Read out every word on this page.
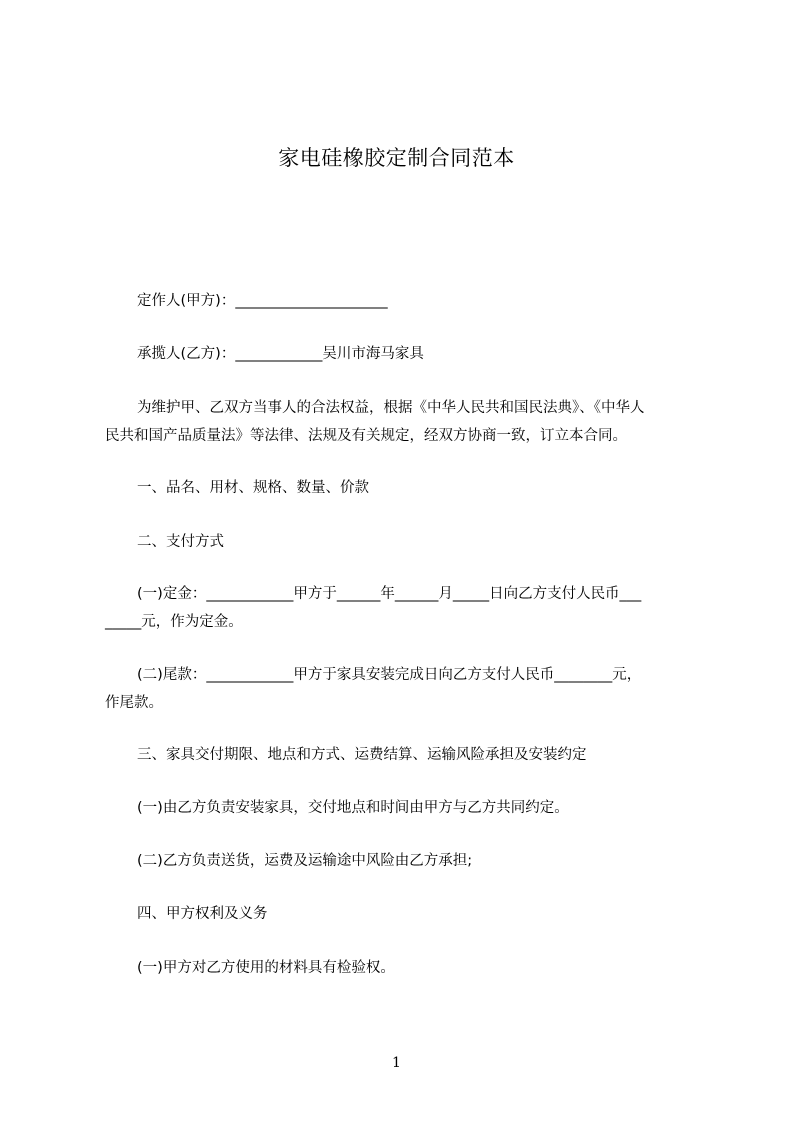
家电硅橡胶定制合同范本
定作人(甲方)：_____________________
承揽人(乙方)：____________吴川市海马家具
为维护甲、乙双方当事人的合法权益，根据《中华人民共和国民法典》、《中华人
民共和国产品质量法》等法律、法规及有关规定，经双方协商一致，订立本合同。
一、品名、用材、规格、数量、价款
二、支付方式
(一)定金：____________甲方于______年______月_____日向乙方支付人民币___
_____元，作为定金。
(二)尾款：____________甲方于家具安装完成日向乙方支付人民币________元，
作尾款。
三、家具交付期限、地点和方式、运费结算、运输风险承担及安装约定
(一)由乙方负责安装家具，交付地点和时间由甲方与乙方共同约定。
(二)乙方负责送货，运费及运输途中风险由乙方承担;
四、甲方权利及义务
(一)甲方对乙方使用的材料具有检验权。
1
